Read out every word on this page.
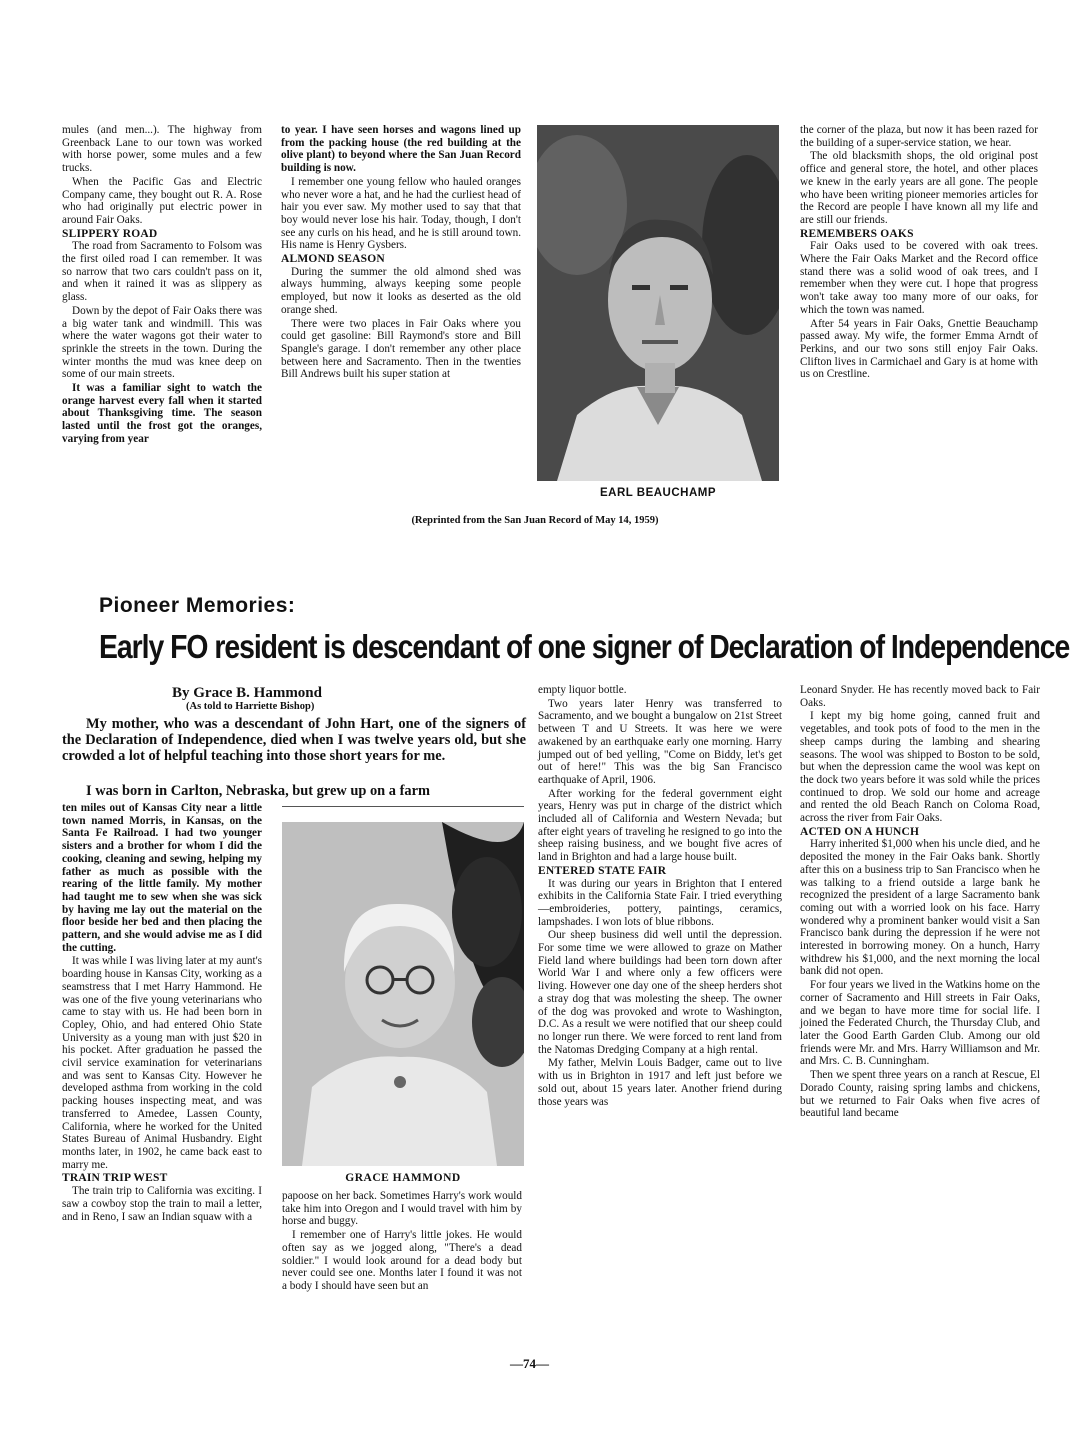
mules (and men...). The highway from Greenback Lane to our town was worked with horse power, some mules and a few trucks.

When the Pacific Gas and Electric Company came, they bought out R. A. Rose who had originally put electric power in around Fair Oaks.

SLIPPERY ROAD

The road from Sacramento to Folsom was the first oiled road I can remember. It was so narrow that two cars couldn't pass on it, and when it rained it was as slippery as glass.

Down by the depot of Fair Oaks there was a big water tank and windmill. This was where the water wagons got their water to sprinkle the streets in the town. During the winter months the mud was knee deep on some of our main streets.

It was a familiar sight to watch the orange harvest every fall when it started about Thanksgiving time. The season lasted until the frost got the oranges, varying from year

to year. I have seen horses and wagons lined up from the packing house (the red building at the olive plant) to beyond where the San Juan Record building is now.

I remember one young fellow who hauled oranges who never wore a hat, and he had the curliest head of hair you ever saw. My mother used to say that that boy would never lose his hair. Today, though, I don't see any curls on his head, and he is still around town. His name is Henry Gysbers.

ALMOND SEASON

During the summer the old almond shed was always humming, always keeping some people employed, but now it looks as deserted as the old orange shed.

There were two places in Fair Oaks where you could get gasoline: Bill Raymond's store and Bill Spangle's garage. I don't remember any other place between here and Sacramento. Then in the twenties Bill Andrews built his super station at

EARL BEAUCHAMP

the corner of the plaza, but now it has been razed for the building of a super-service station, we hear.

The old blacksmith shops, the old original post office and general store, the hotel, and other places we knew in the early years are all gone. The people who have been writing pioneer memories articles for the Record are people I have known all my life and are still our friends.

REMEMBERS OAKS

Fair Oaks used to be covered with oak trees. Where the Fair Oaks Market and the Record office stand there was a solid wood of oak trees, and I remember when they were cut. I hope that progress won't take away too many more of our oaks, for which the town was named.

After 54 years in Fair Oaks, Gnettie Beauchamp passed away. My wife, the former Emma Arndt of Perkins, and our two sons still enjoy Fair Oaks. Clifton lives in Carmichael and Gary is at home with us on Crestline.

(Reprinted from the San Juan Record of May 14, 1959)
Pioneer Memories:
Early FO resident is descendant of one signer of Declaration of Independence
By Grace B. Hammond
(As told to Harriette Bishop)
My mother, who was a descendant of John Hart, one of the signers of the Declaration of Independence, died when I was twelve years old, but she crowded a lot of helpful teaching into those short years for me.
I was born in Carlton, Nebraska, but grew up on a farm

ten miles out of Kansas City near a little town named Morris, in Kansas, on the Santa Fe Railroad. I had two younger sisters and a brother for whom I did the cooking, cleaning and sewing, helping my father as much as possible with the rearing of the little family. My mother had taught me to sew when she was sick by having me lay out the material on the floor beside her bed and then placing the pattern, and she would advise me as I did the cutting.

It was while I was living later at my aunt's boarding house in Kansas City, working as a seamstress that I met Harry Hammond. He was one of the five young veterinarians who came to stay with us. He had been born in Copley, Ohio, and had entered Ohio State University as a young man with just $20 in his pocket. After graduation he passed the civil service examination for veterinarians and was sent to Kansas City. However he developed asthma from working in the cold packing houses inspecting meat, and was transferred to Amedee, Lassen County, California, where he worked for the United States Bureau of Animal Husbandry. Eight months later, in 1902, he came back east to marry me.

TRAIN TRIP WEST

The train trip to California was exciting. I saw a cowboy stop the train to mail a letter, and in Reno, I saw an Indian squaw with a

GRACE HAMMOND

papoose on her back. Sometimes Harry's work would take him into Oregon and I would travel with him by horse and buggy.

I remember one of Harry's little jokes. He would often say as we jogged along, "There's a dead soldier." I would look around for a dead body but never could see one. Months later I found it was not a body I should have seen but an

empty liquor bottle.

Two years later Henry was transferred to Sacramento, and we bought a bungalow on 21st Street between T and U Streets. It was here we were awakened by an earthquake early one morning. Harry jumped out of bed yelling, "Come on Biddy, let's get out of here!" This was the big San Francisco earthquake of April, 1906.

After working for the federal government eight years, Henry was put in charge of the district which included all of California and Western Nevada; but after eight years of traveling he resigned to go into the sheep raising business, and we bought five acres of land in Brighton and had a large house built.

ENTERED STATE FAIR

It was during our years in Brighton that I entered exhibits in the California State Fair. I tried everything—embroideries, pottery, paintings, ceramics, lampshades. I won lots of blue ribbons.

Our sheep business did well until the depression. For some time we were allowed to graze on Mather Field land where buildings had been torn down after World War I and where only a few officers were living. However one day one of the sheep herders shot a stray dog that was molesting the sheep. The owner of the dog was provoked and wrote to Washington, D.C. As a result we were notified that our sheep could no longer run there. We were forced to rent land from the Natomas Dredging Company at a high rental.

My father, Melvin Louis Badger, came out to live with us in Brighton in 1917 and left just before we sold out, about 15 years later. Another friend during those years was

Leonard Snyder. He has recently moved back to Fair Oaks.

I kept my big home going, canned fruit and vegetables, and took pots of food to the men in the sheep camps during the lambing and shearing seasons. The wool was shipped to Boston to be sold, but when the depression came the wool was kept on the dock two years before it was sold while the prices continued to drop. We sold our home and acreage and rented the old Beach Ranch on Coloma Road, across the river from Fair Oaks.

ACTED ON A HUNCH

Harry inherited $1,000 when his uncle died, and he deposited the money in the Fair Oaks bank. Shortly after this on a business trip to San Francisco when he was talking to a friend outside a large bank he recognized the president of a large Sacramento bank coming out with a worried look on his face. Harry wondered why a prominent banker would visit a San Francisco bank during the depression if he were not interested in borrowing money. On a hunch, Harry withdrew his $1,000, and the next morning the local bank did not open.

For four years we lived in the Watkins home on the corner of Sacramento and Hill streets in Fair Oaks, and we began to have more time for social life. I joined the Federated Church, the Thursday Club, and later the Good Earth Garden Club. Among our old friends were Mr. and Mrs. Harry Williamson and Mr. and Mrs. C. B. Cunningham.

Then we spent three years on a ranch at Rescue, El Dorado County, raising spring lambs and chickens, but we returned to Fair Oaks when five acres of beautiful land became

—74—
